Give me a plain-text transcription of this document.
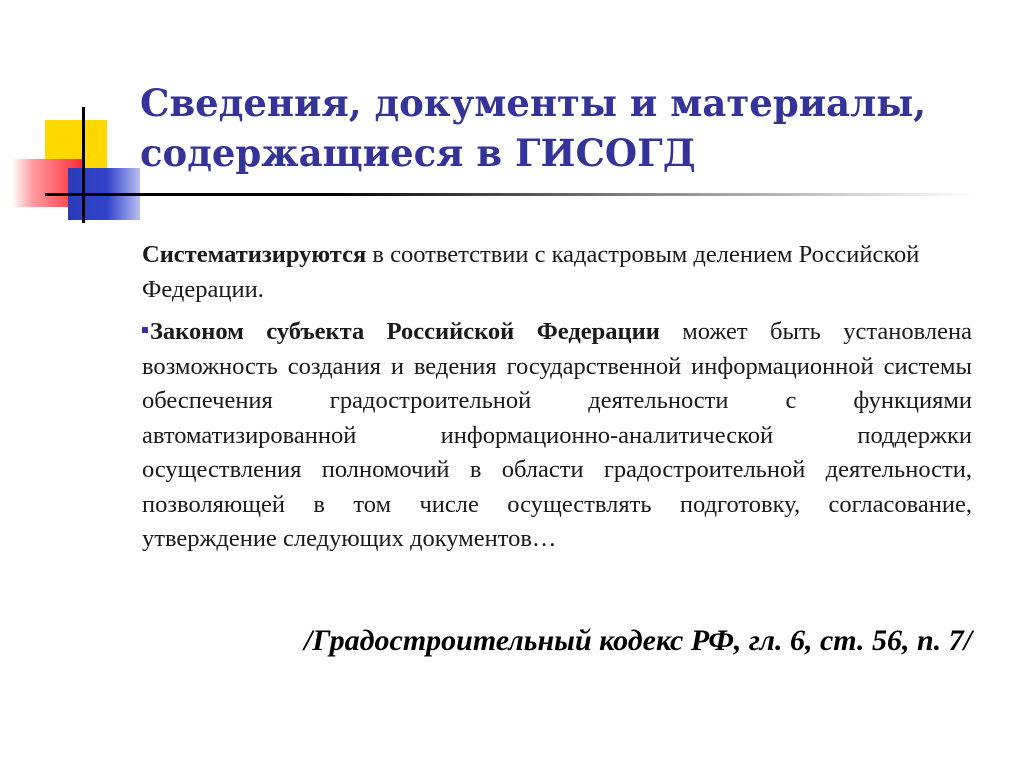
Сведения, документы и материалы,
содержащиеся в ГИСОГД

Систематизируются в соответствии с кадастровым делением Российской Федерации.

Законом субъекта Российской Федерации может быть установлена возможность создания и ведения государственной информационной системы обеспечения градостроительной деятельности с функциями автоматизированной информационно-аналитической поддержки осуществления полномочий в области градостроительной деятельности, позволяющей в том числе осуществлять подготовку, согласование, утверждение следующих документов…

/Градостроительный кодекс РФ, гл. 6, ст. 56, п. 7/
